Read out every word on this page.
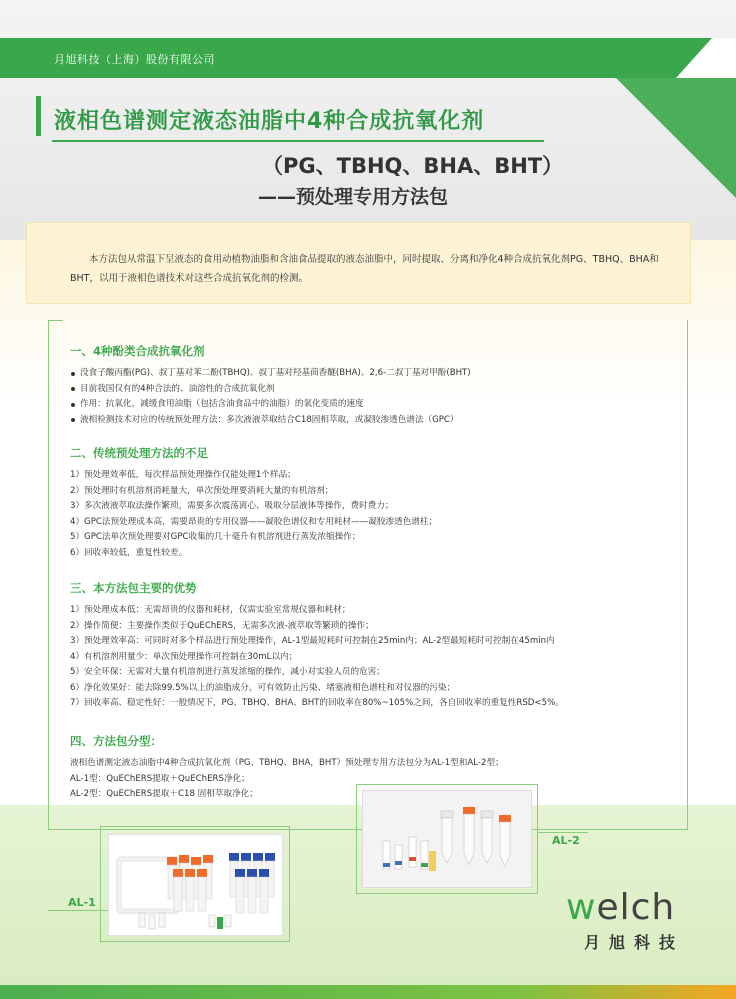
月旭科技（上海）股份有限公司
液相色谱测定液态油脂中4种合成抗氧化剂
（PG、TBHQ、BHA、BHT）
——预处理专用方法包
本方法包从常温下呈液态的食用动植物油脂和含油食品提取的液态油脂中，同时提取、分离和净化4种合成抗氧化剂PG、TBHQ、BHA和BHT，以用于液相色谱技术对这些合成抗氧化剂的检测。
一、4种酚类合成抗氧化剂
没食子酸丙酯(PG)、叔丁基对苯二酚(TBHQ)、叔丁基对羟基茴香醚(BHA)、2,6-二叔丁基对甲酚(BHT)
目前我国仅有的4种合法的、油溶性的合成抗氧化剂
作用：抗氧化，减缓食用油脂（包括含油食品中的油脂）的氧化变质的速度
液相检测技术对应的传统预处理方法：多次液液萃取结合C18固相萃取，或凝胶渗透色谱法（GPC）
二、传统预处理方法的不足
1）预处理效率低，每次样品预处理操作仅能处理1个样品；
2）预处理时有机溶剂消耗量大，单次预处理要消耗大量的有机溶剂；
3）多次液液萃取法操作繁琐，需要多次震荡离心、吸取分层液体等操作，费时费力；
4）GPC法预处理成本高，需要昂贵的专用仪器——凝胶色谱仪和专用耗材——凝胶渗透色谱柱；
5）GPC法单次预处理要对GPC收集的几十毫升有机溶剂进行蒸发浓缩操作；
6）回收率较低，重复性较差。
三、本方法包主要的优势
1）预处理成本低：无需昂贵的仪器和耗材，仅需实验室常规仪器和耗材；
2）操作简便：主要操作类似于QuEChERS，无需多次液-液萃取等繁琐的操作；
3）预处理效率高：可同时对多个样品进行预处理操作，AL-1型最短耗时可控制在25min内；AL-2型最短耗时可控制在45min内
4）有机溶剂用量少：单次预处理操作可控制在30mL以内；
5）安全环保：无需对大量有机溶剂进行蒸发浓缩的操作，减小对实验人员的危害；
6）净化效果好：能去除99.5%以上的油脂成分，可有效防止污染、堵塞液相色谱柱和对仪器的污染；
7）回收率高、稳定性好：一般情况下，PG、TBHQ、BHA、BHT的回收率在80%~105%之间，各自回收率的重复性RSD<5%。
四、方法包分型：
液相色谱测定液态油脂中4种合成抗氧化剂（PG、TBHQ、BHA，BHT）预处理专用方法包分为AL-1型和AL-2型；
AL-1型：QuEChERS提取＋QuEChERS净化；
AL-2型：QuEChERS提取＋C18 固相萃取净化；
AL-1
AL-2
welch
月旭科技
